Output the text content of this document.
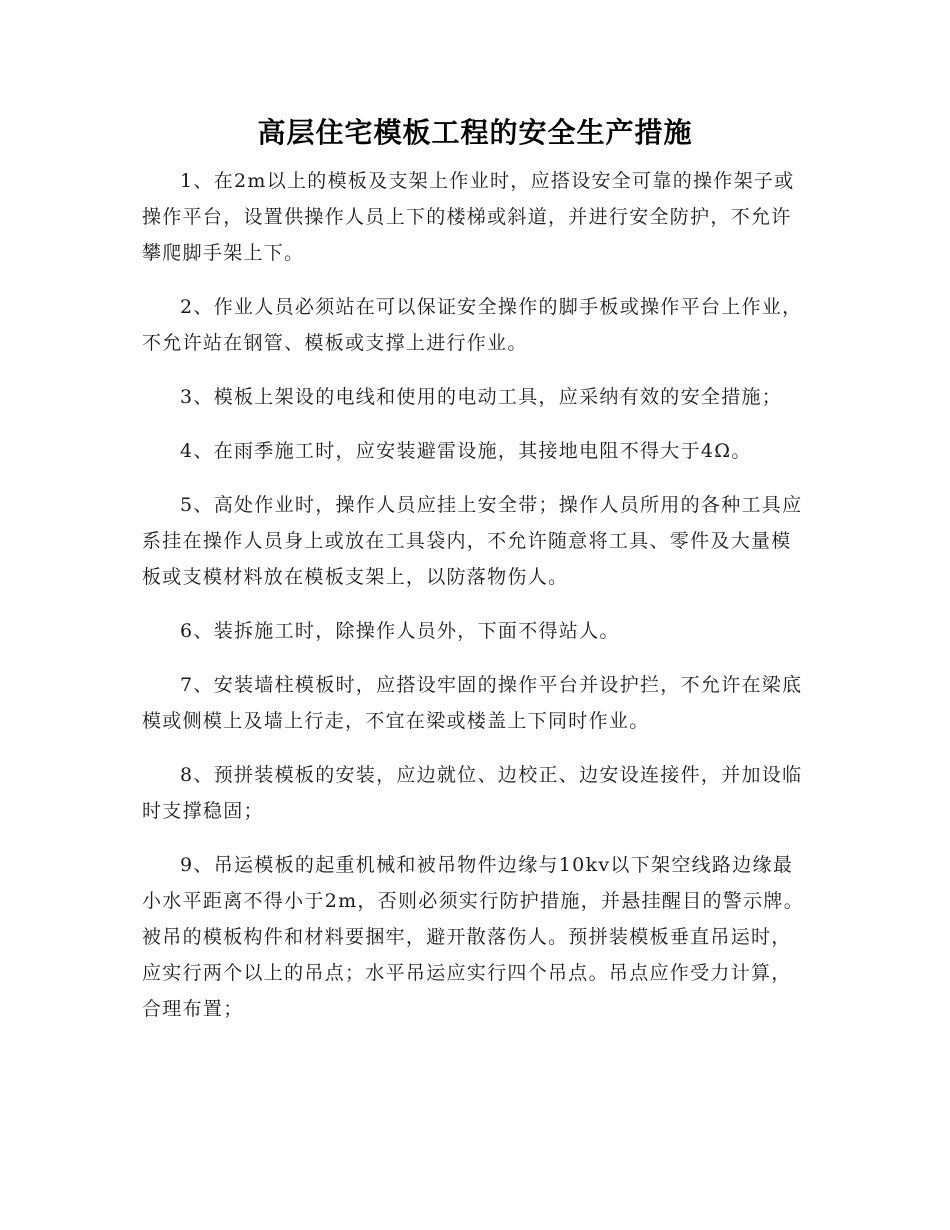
高层住宅模板工程的安全生产措施

1、在2m以上的模板及支架上作业时，应搭设安全可靠的操作架子或操作平台，设置供操作人员上下的楼梯或斜道，并进行安全防护，不允许攀爬脚手架上下。

2、作业人员必须站在可以保证安全操作的脚手板或操作平台上作业，不允许站在钢管、模板或支撑上进行作业。

3、模板上架设的电线和使用的电动工具，应采纳有效的安全措施；

4、在雨季施工时，应安装避雷设施，其接地电阻不得大于4Ω。

5、高处作业时，操作人员应挂上安全带；操作人员所用的各种工具应系挂在操作人员身上或放在工具袋内，不允许随意将工具、零件及大量模板或支模材料放在模板支架上，以防落物伤人。

6、装拆施工时，除操作人员外，下面不得站人。

7、安装墙柱模板时，应搭设牢固的操作平台并设护拦，不允许在梁底模或侧模上及墙上行走，不宜在梁或楼盖上下同时作业。

8、预拼装模板的安装，应边就位、边校正、边安设连接件，并加设临时支撑稳固；

9、吊运模板的起重机械和被吊物件边缘与10kv以下架空线路边缘最小水平距离不得小于2m，否则必须实行防护措施，并悬挂醒目的警示牌。被吊的模板构件和材料要捆牢，避开散落伤人。预拼装模板垂直吊运时，应实行两个以上的吊点；水平吊运应实行四个吊点。吊点应作受力计算，合理布置；
